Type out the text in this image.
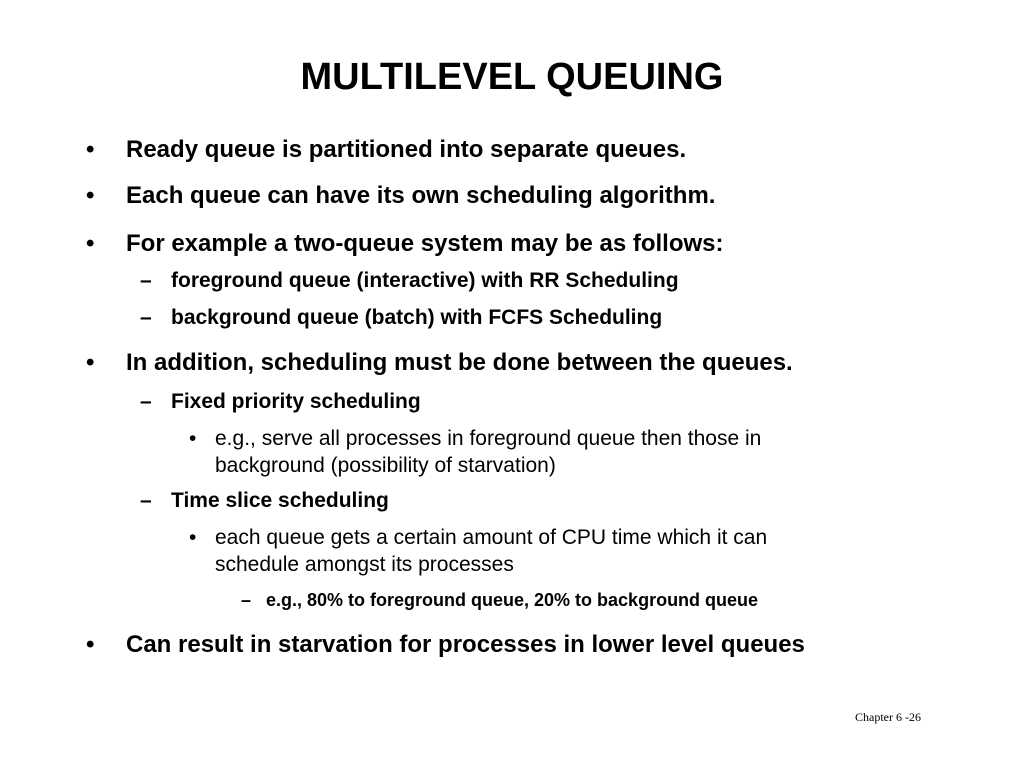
MULTILEVEL QUEUING
• Ready queue is partitioned into separate queues.
• Each queue can have its own scheduling algorithm.
• For example a two-queue system may be as follows:
– foreground queue (interactive) with RR Scheduling
– background queue (batch) with FCFS Scheduling
• In addition, scheduling must be done between the queues.
– Fixed priority scheduling
• e.g., serve all processes in foreground queue then those in
background (possibility of starvation)
– Time slice scheduling
• each queue gets a certain amount of CPU time which it can
schedule amongst its processes
– e.g., 80% to foreground queue, 20% to background queue
• Can result in starvation for processes in lower level queues
Chapter 6 -26
